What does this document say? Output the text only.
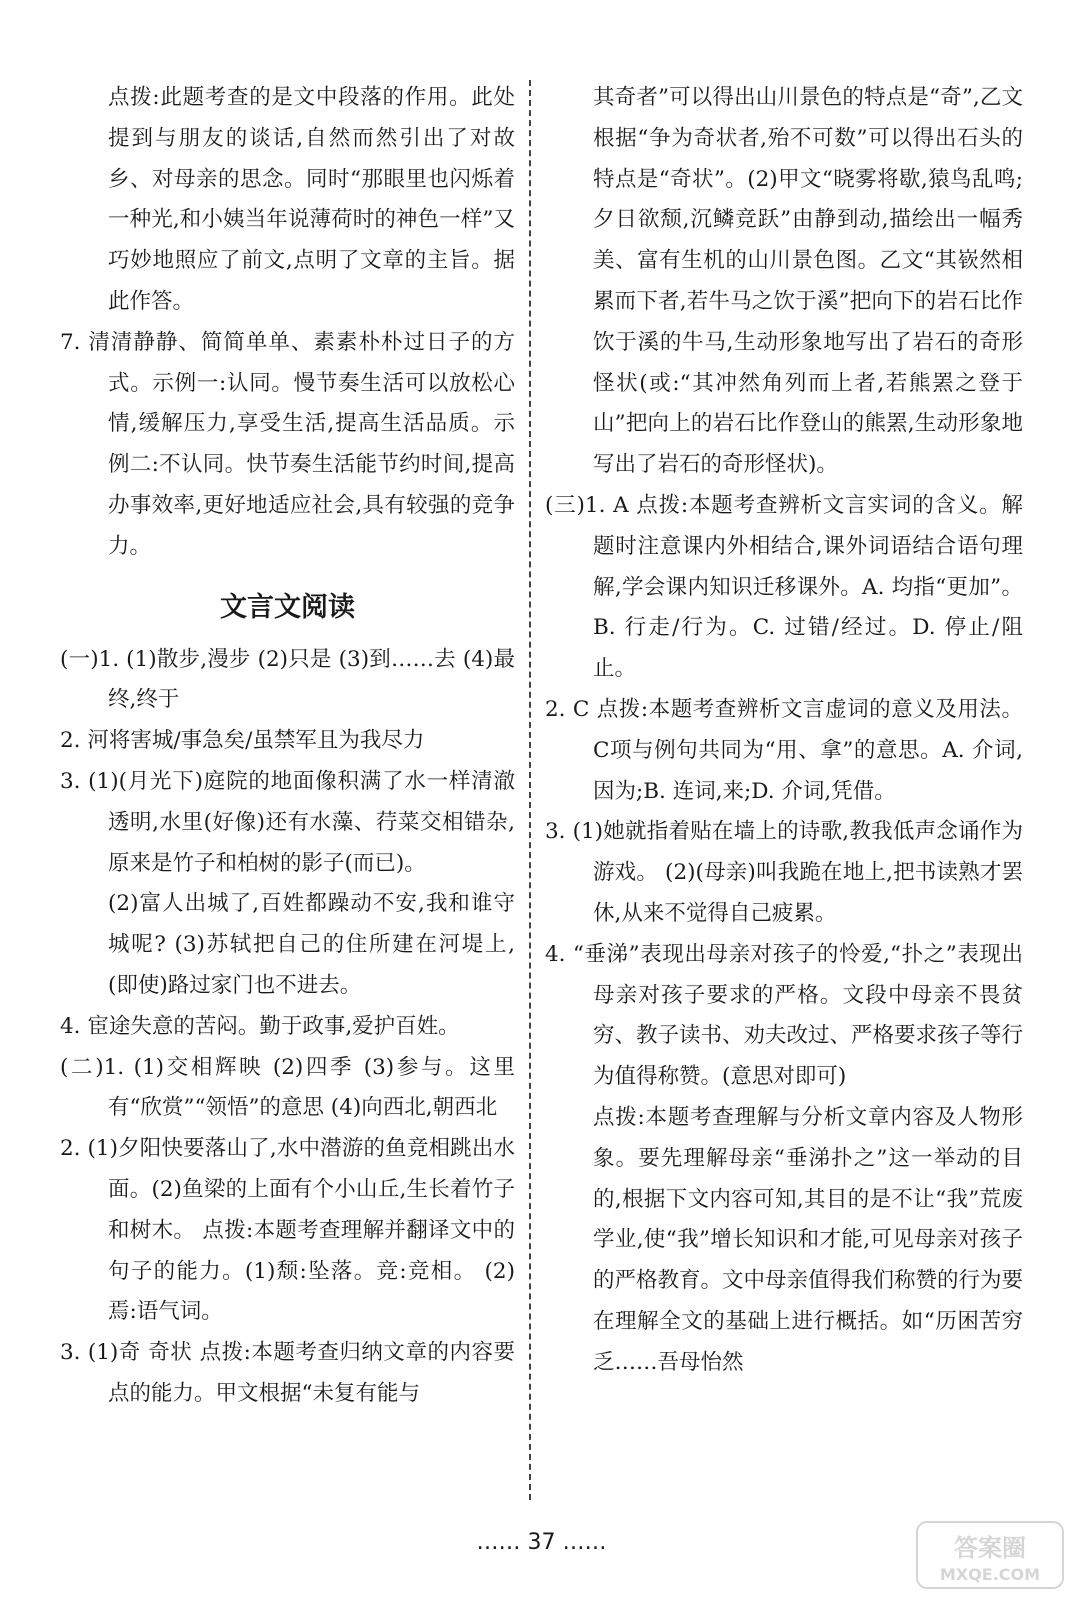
点拨:此题考查的是文中段落的作用。此处提到与朋友的谈话,自然而然引出了对故乡、对母亲的思念。同时“那眼里也闪烁着一种光,和小姨当年说薄荷时的神色一样”又巧妙地照应了前文,点明了文章的主旨。据此作答。

7. 清清静静、简简单单、素素朴朴过日子的方式。示例一:认同。慢节奏生活可以放松心情,缓解压力,享受生活,提高生活品质。示例二:不认同。快节奏生活能节约时间,提高办事效率,更好地适应社会,具有较强的竞争力。

文言文阅读

(一)1. (1)散步,漫步 (2)只是 (3)到……去 (4)最终,终于

2. 河将害城/事急矣/虽禁军且为我尽力

3. (1)(月光下)庭院的地面像积满了水一样清澈透明,水里(好像)还有水藻、荇菜交相错杂,原来是竹子和柏树的影子(而已)。

(2)富人出城了,百姓都躁动不安,我和谁守城呢? (3)苏轼把自己的住所建在河堤上,(即使)路过家门也不进去。

4. 宦途失意的苦闷。勤于政事,爱护百姓。

(二)1. (1)交相辉映 (2)四季 (3)参与。这里有“欣赏”“领悟”的意思 (4)向西北,朝西北

2. (1)夕阳快要落山了,水中潜游的鱼竞相跳出水面。(2)鱼梁的上面有个小山丘,生长着竹子和树木。 点拨:本题考查理解并翻译文中的句子的能力。(1)颓:坠落。竞:竞相。 (2)焉:语气词。

3. (1)奇 奇状 点拨:本题考查归纳文章的内容要点的能力。甲文根据“未复有能与

其奇者”可以得出山川景色的特点是“奇”,乙文根据“争为奇状者,殆不可数”可以得出石头的特点是“奇状”。(2)甲文“晓雾将歇,猿鸟乱鸣;夕日欲颓,沉鳞竞跃”由静到动,描绘出一幅秀美、富有生机的山川景色图。乙文“其嵚然相累而下者,若牛马之饮于溪”把向下的岩石比作饮于溪的牛马,生动形象地写出了岩石的奇形怪状(或:“其冲然角列而上者,若熊罴之登于山”把向上的岩石比作登山的熊罴,生动形象地写出了岩石的奇形怪状)。

(三)1. A 点拨:本题考查辨析文言实词的含义。解题时注意课内外相结合,课外词语结合语句理解,学会课内知识迁移课外。A. 均指“更加”。B. 行走/行为。C. 过错/经过。D. 停止/阻止。

2. C 点拨:本题考查辨析文言虚词的意义及用法。C项与例句共同为“用、拿”的意思。A. 介词,因为;B. 连词,来;D. 介词,凭借。

3. (1)她就指着贴在墙上的诗歌,教我低声念诵作为游戏。 (2)(母亲)叫我跪在地上,把书读熟才罢休,从来不觉得自己疲累。

4. “垂涕”表现出母亲对孩子的怜爱,“扑之”表现出母亲对孩子要求的严格。文段中母亲不畏贫穷、教子读书、劝夫改过、严格要求孩子等行为值得称赞。(意思对即可)

点拨:本题考查理解与分析文章内容及人物形象。要先理解母亲“垂涕扑之”这一举动的目的,根据下文内容可知,其目的是不让“我”荒废学业,使“我”增长知识和才能,可见母亲对孩子的严格教育。文中母亲值得我们称赞的行为要在理解全文的基础上进行概括。如“历困苦穷乏……吾母怡然

…… 37 ……	答案圈
MXQE.COM
